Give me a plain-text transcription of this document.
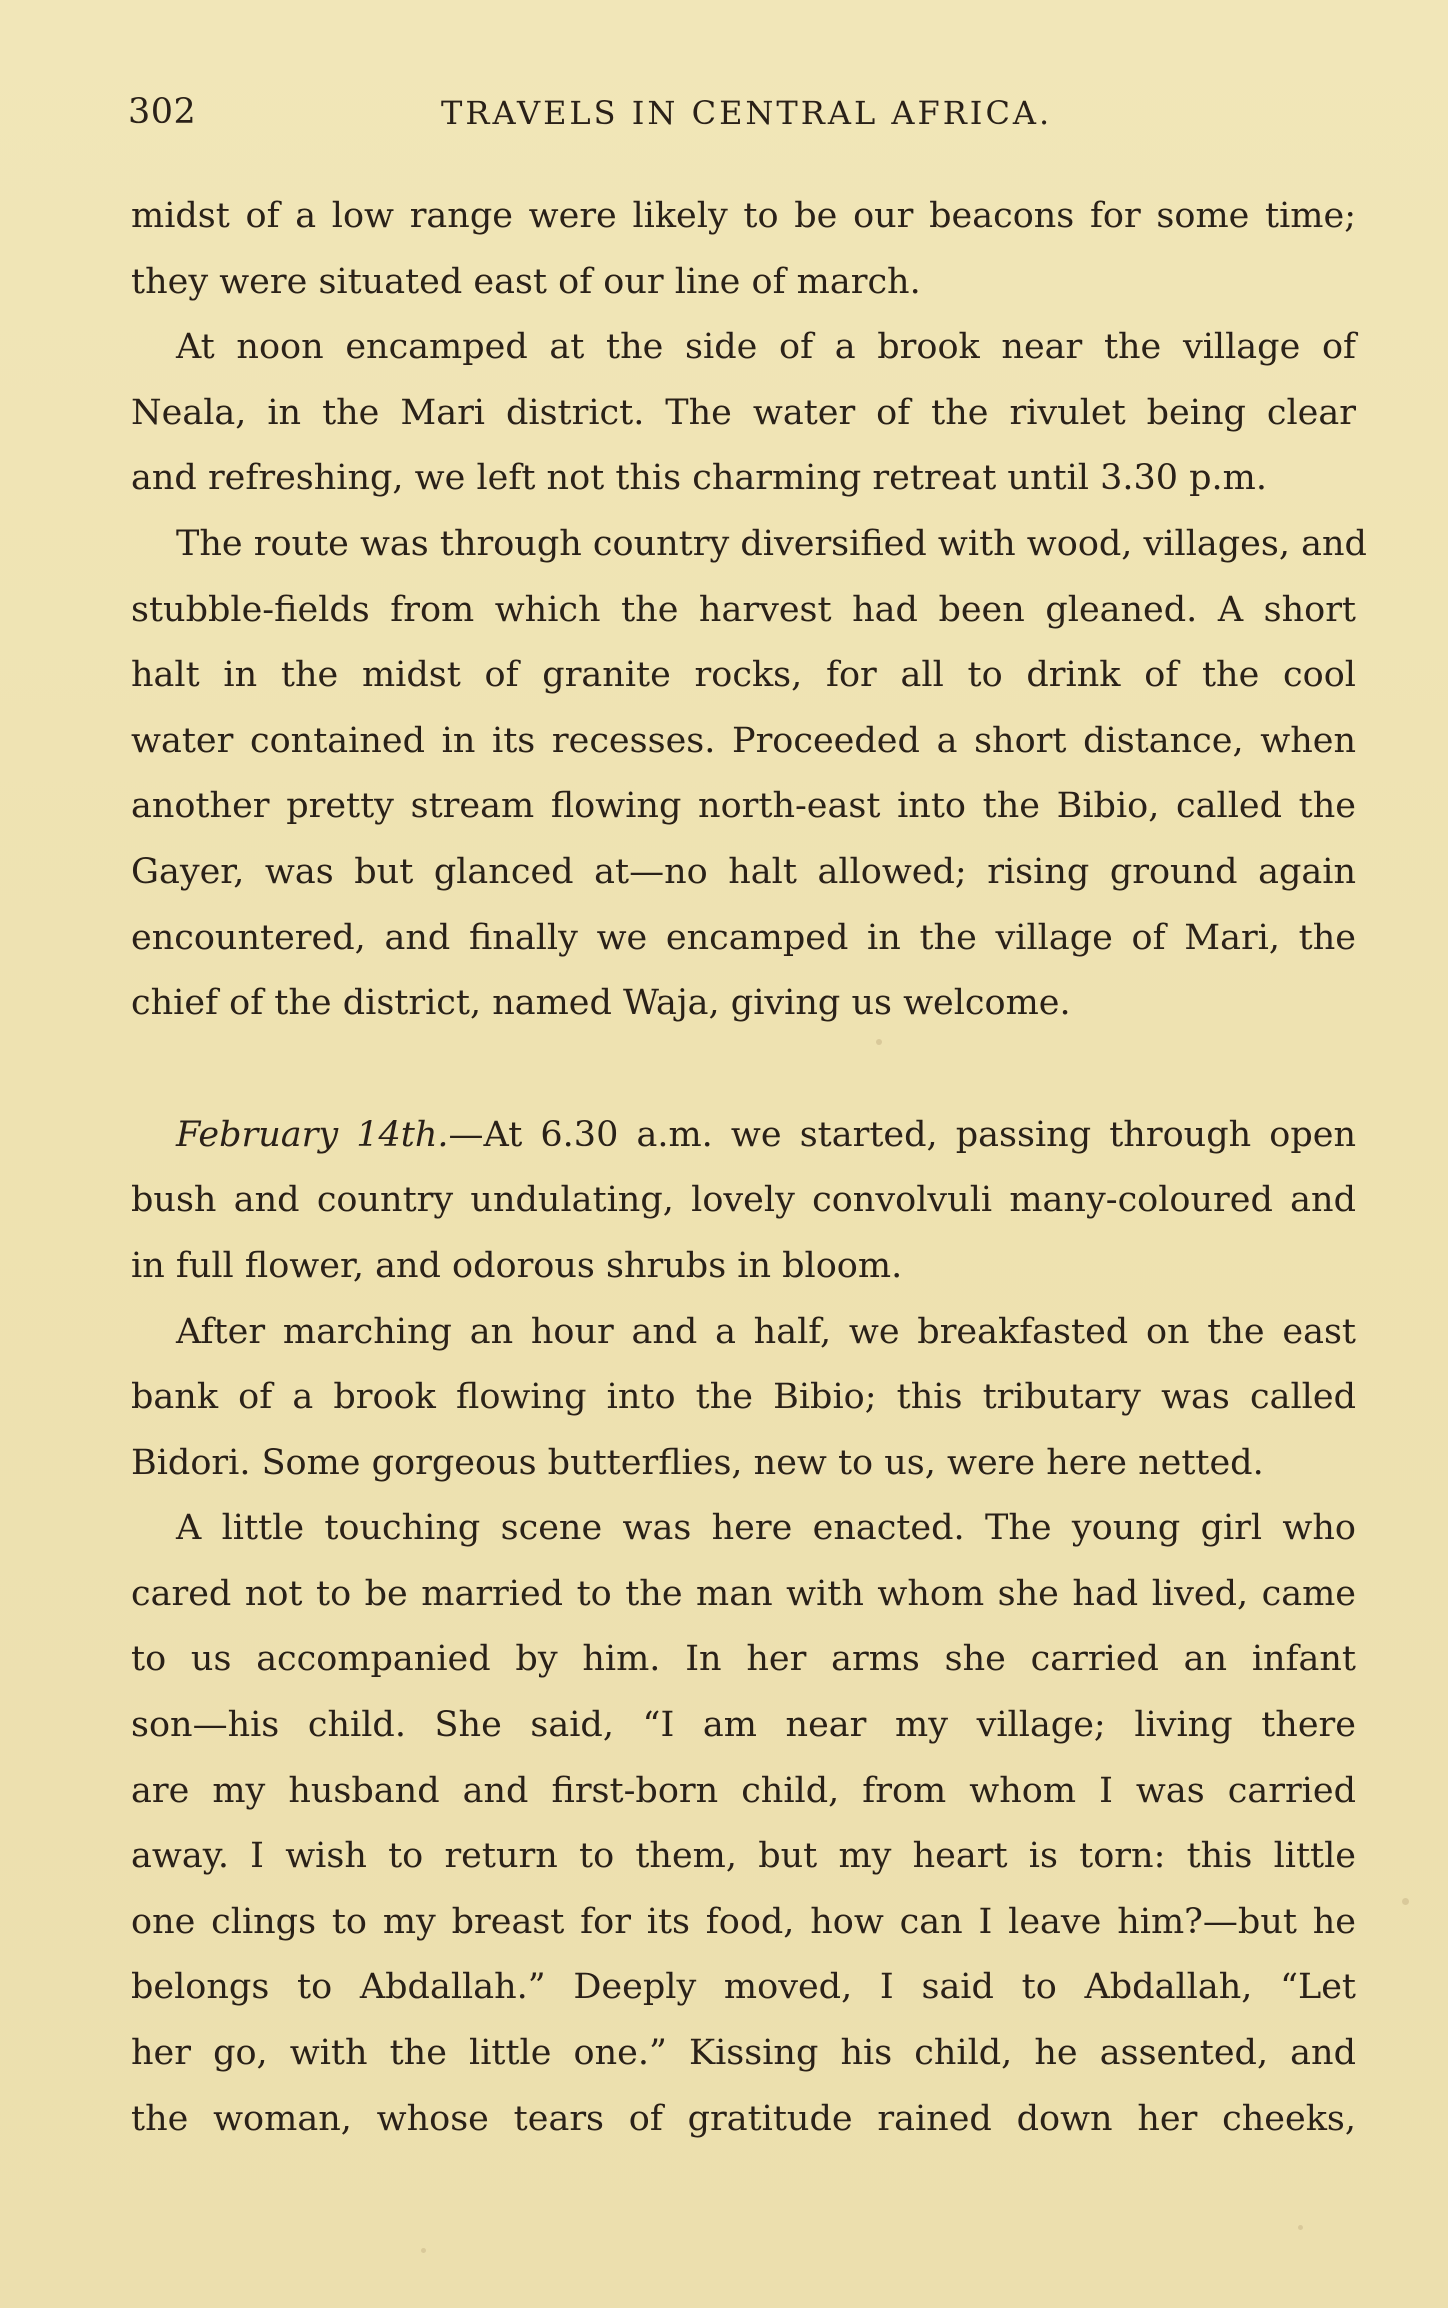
302	TRAVELS IN CENTRAL AFRICA.
midst of a low range were likely to be our beacons for some time;
they were situated east of our line of march.
At noon encamped at the side of a brook near the village of
Neala, in the Mari district. The water of the rivulet being clear
and refreshing, we left not this charming retreat until 3.30 p.m.
The route was through country diversified with wood, villages, and
stubble-fields from which the harvest had been gleaned. A short
halt in the midst of granite rocks, for all to drink of the cool
water contained in its recesses. Proceeded a short distance, when
another pretty stream flowing north-east into the Bibio, called the
Gayer, was but glanced at—no halt allowed; rising ground again
encountered, and finally we encamped in the village of Mari, the
chief of the district, named Waja, giving us welcome.
February 14th.—At 6.30 a.m. we started, passing through open
bush and country undulating, lovely convolvuli many-coloured and
in full flower, and odorous shrubs in bloom.
After marching an hour and a half, we breakfasted on the east
bank of a brook flowing into the Bibio; this tributary was called
Bidori. Some gorgeous butterflies, new to us, were here netted.
A little touching scene was here enacted. The young girl who
cared not to be married to the man with whom she had lived, came
to us accompanied by him. In her arms she carried an infant
son—his child. She said, “I am near my village; living there
are my husband and first-born child, from whom I was carried
away. I wish to return to them, but my heart is torn: this little
one clings to my breast for its food, how can I leave him?—but he
belongs to Abdallah.” Deeply moved, I said to Abdallah, “Let
her go, with the little one.” Kissing his child, he assented, and
the woman, whose tears of gratitude rained down her cheeks,
